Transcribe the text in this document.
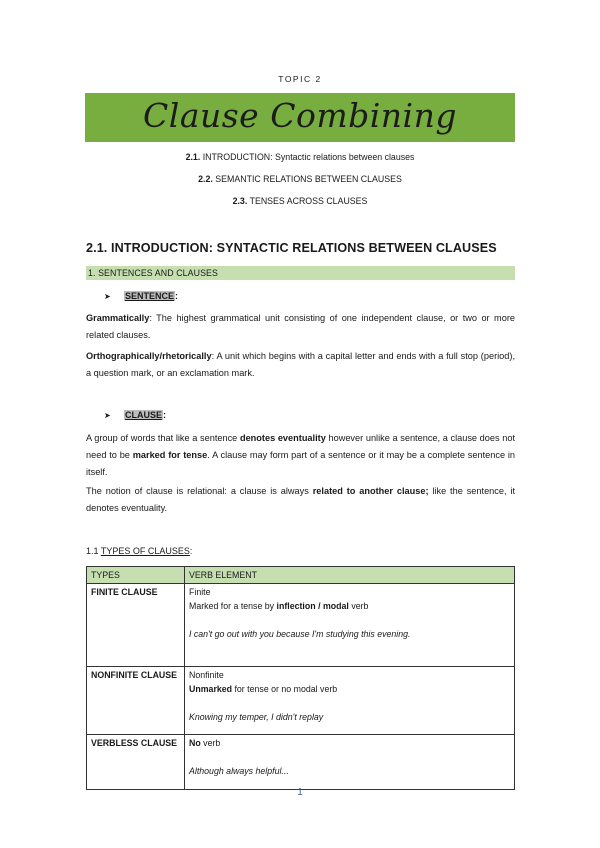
TOPIC 2
Clause Combining
2.1. INTRODUCTION: Syntactic relations between clauses
2.2. SEMANTIC RELATIONS BETWEEN CLAUSES
2.3. TENSES ACROSS CLAUSES
2.1. INTRODUCTION: SYNTACTIC RELATIONS BETWEEN CLAUSES
1. SENTENCES AND CLAUSES
➤ SENTENCE:
Grammatically: The highest grammatical unit consisting of one independent clause, or two or more related clauses.
Orthographically/rhetorically: A unit which begins with a capital letter and ends with a full stop (period), a question mark, or an exclamation mark.
➤ CLAUSE:
A group of words that like a sentence denotes eventuality however unlike a sentence, a clause does not need to be marked for tense. A clause may form part of a sentence or it may be a complete sentence in itself.
The notion of clause is relational: a clause is always related to another clause; like the sentence, it denotes eventuality.
1.1 TYPES OF CLAUSES:
TYPES	VERB ELEMENT
FINITE CLAUSE	Finite
Marked for a tense by inflection / modal verb
I can't go out with you because I'm studying this evening.

NONFINITE CLAUSE	Nonfinite
Unmarked for tense or no modal verb
Knowing my temper, I didn't replay

VERBLESS CLAUSE	No verb
Although always helpful...
1
